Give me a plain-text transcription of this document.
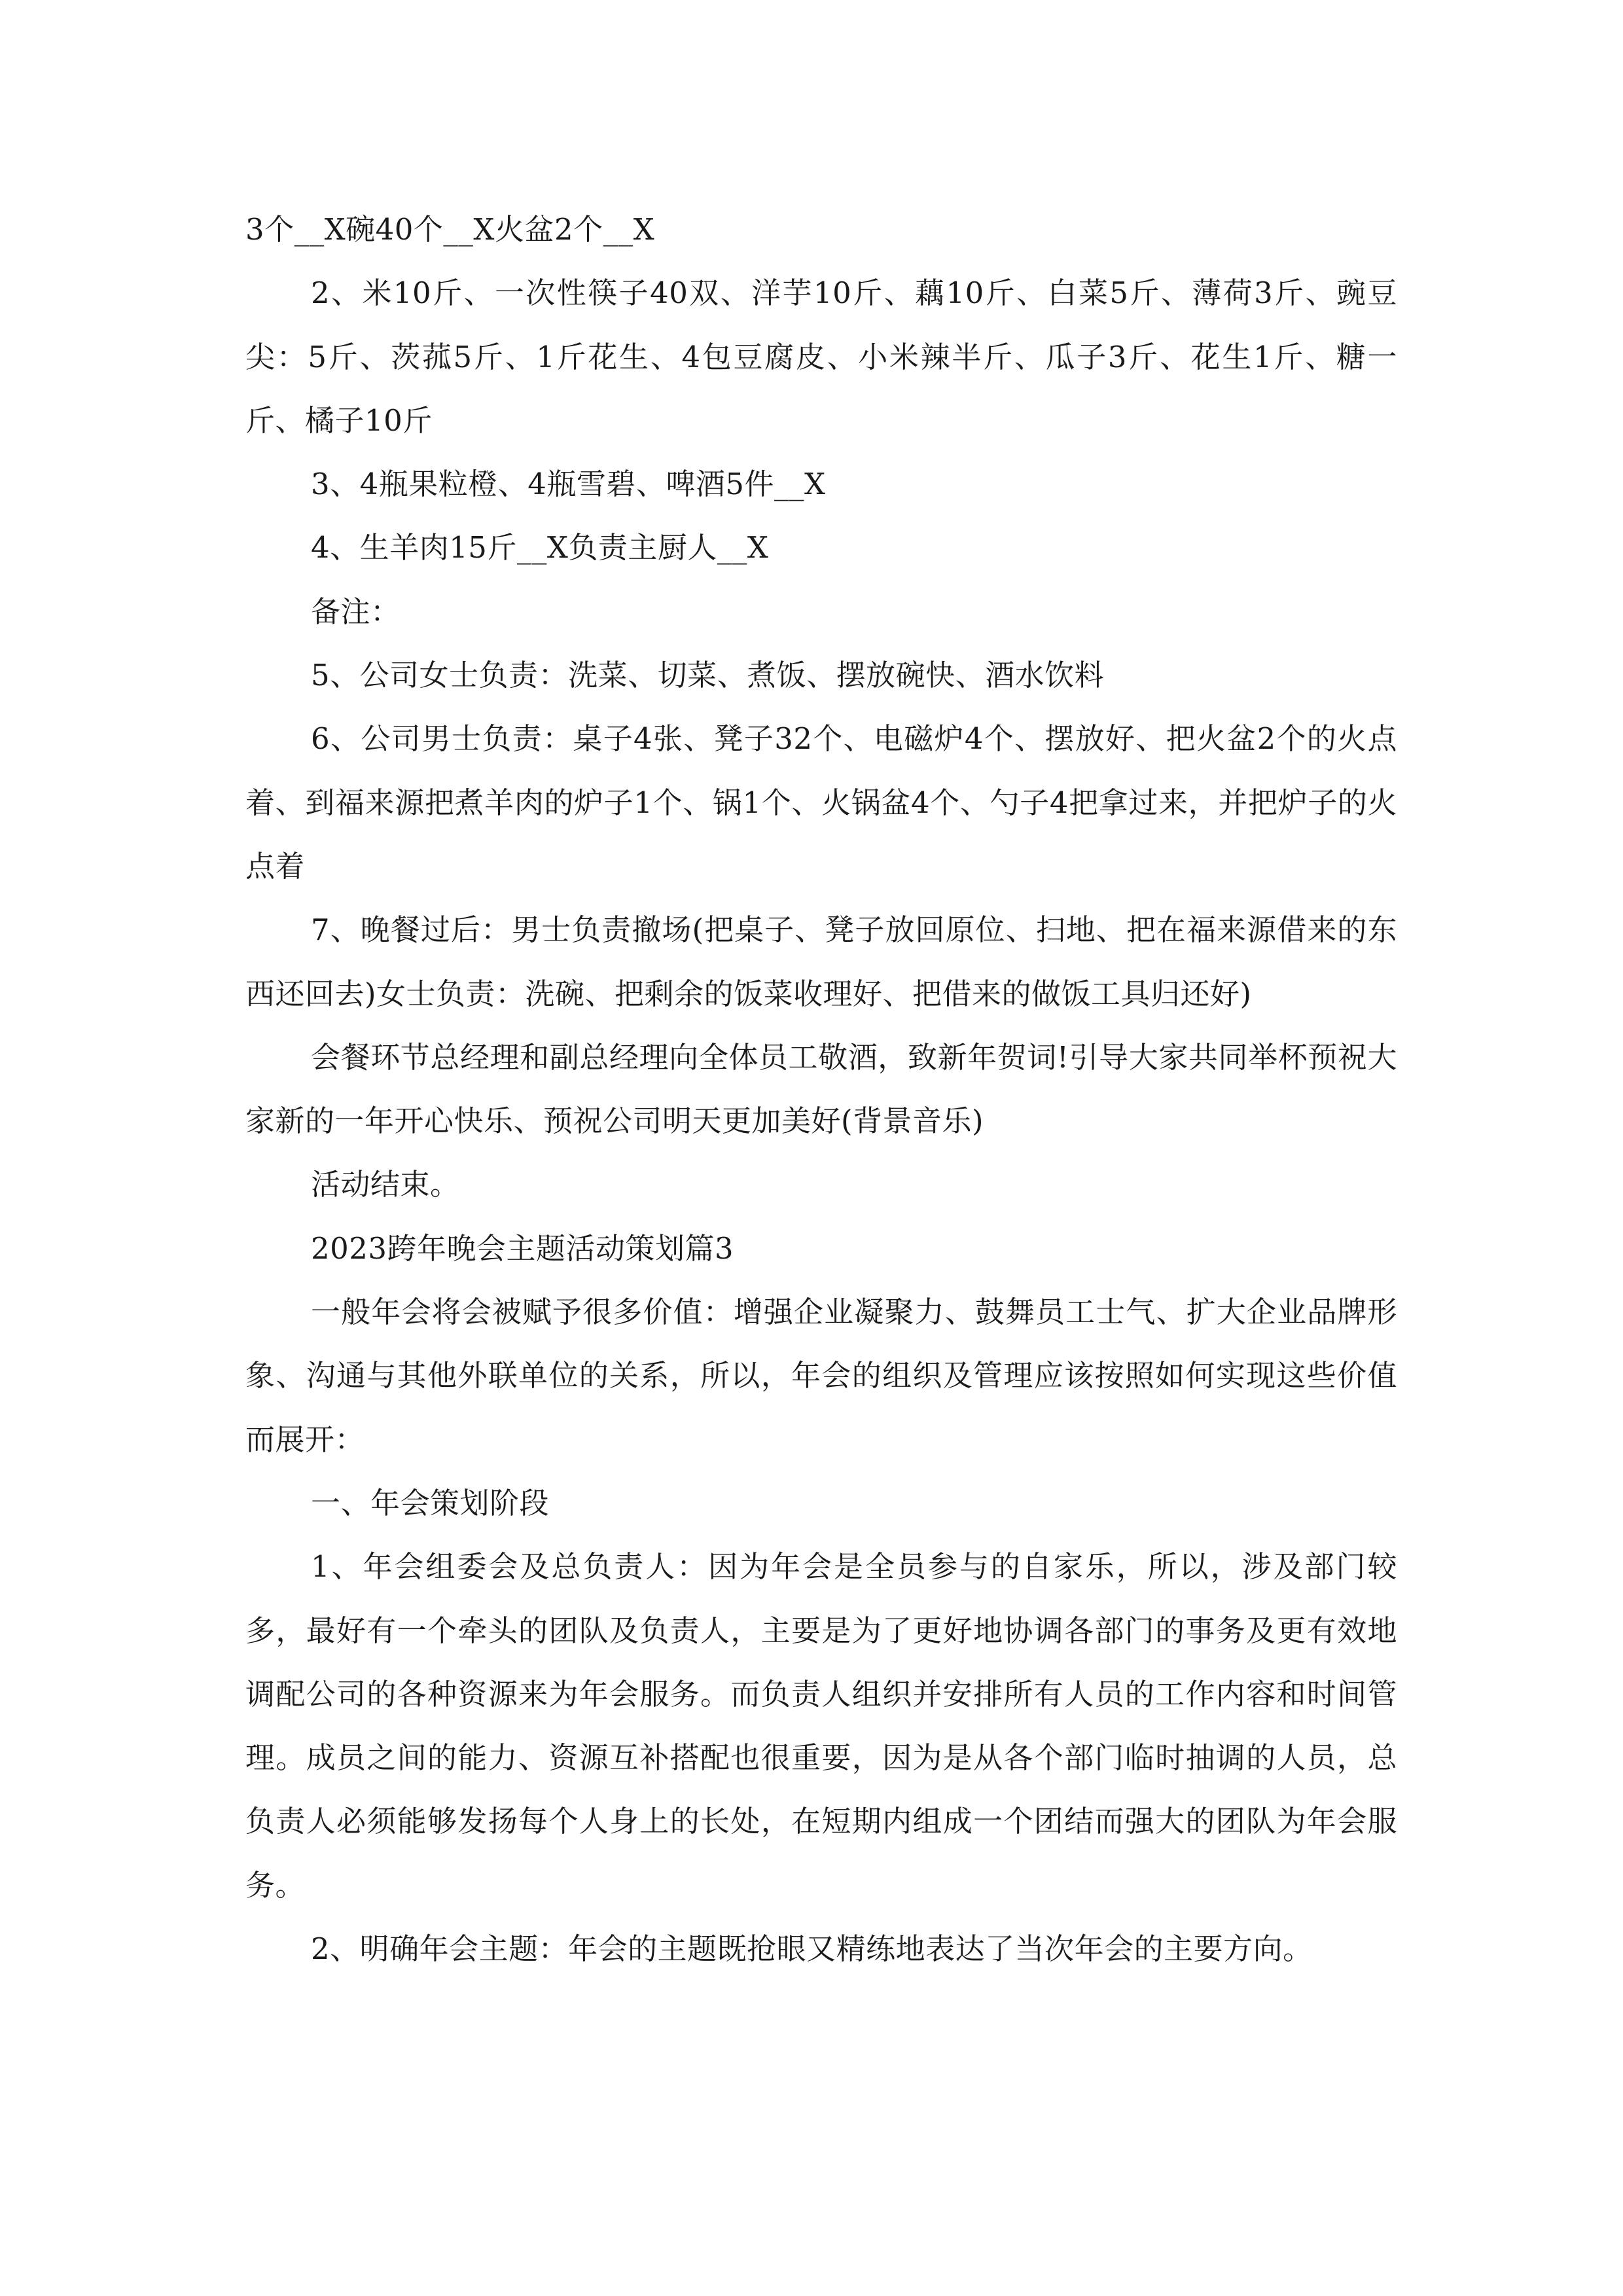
3个__X碗40个__X火盆2个__X

2、米10斤、一次性筷子40双、洋芋10斤、藕10斤、白菜5斤、薄荷3斤、豌豆尖：5斤、茨菰5斤、1斤花生、4包豆腐皮、小米辣半斤、瓜子3斤、花生1斤、糖一斤、橘子10斤

3、4瓶果粒橙、4瓶雪碧、啤酒5件__X

4、生羊肉15斤__X负责主厨人__X

备注：

5、公司女士负责：洗菜、切菜、煮饭、摆放碗快、酒水饮料

6、公司男士负责：桌子4张、凳子32个、电磁炉4个、摆放好、把火盆2个的火点着、到福来源把煮羊肉的炉子1个、锅1个、火锅盆4个、勺子4把拿过来，并把炉子的火点着

7、晚餐过后：男士负责撤场(把桌子、凳子放回原位、扫地、把在福来源借来的东西还回去)女士负责：洗碗、把剩余的饭菜收理好、把借来的做饭工具归还好)

会餐环节总经理和副总经理向全体员工敬酒，致新年贺词!引导大家共同举杯预祝大家新的一年开心快乐、预祝公司明天更加美好(背景音乐)

活动结束。

2023跨年晚会主题活动策划篇3

一般年会将会被赋予很多价值：增强企业凝聚力、鼓舞员工士气、扩大企业品牌形象、沟通与其他外联单位的关系，所以，年会的组织及管理应该按照如何实现这些价值而展开：

一、年会策划阶段

1、年会组委会及总负责人：因为年会是全员参与的自家乐，所以，涉及部门较多，最好有一个牵头的团队及负责人，主要是为了更好地协调各部门的事务及更有效地调配公司的各种资源来为年会服务。而负责人组织并安排所有人员的工作内容和时间管理。成员之间的能力、资源互补搭配也很重要，因为是从各个部门临时抽调的人员，总负责人必须能够发扬每个人身上的长处，在短期内组成一个团结而强大的团队为年会服务。

2、明确年会主题：年会的主题既抢眼又精练地表达了当次年会的主要方向。
